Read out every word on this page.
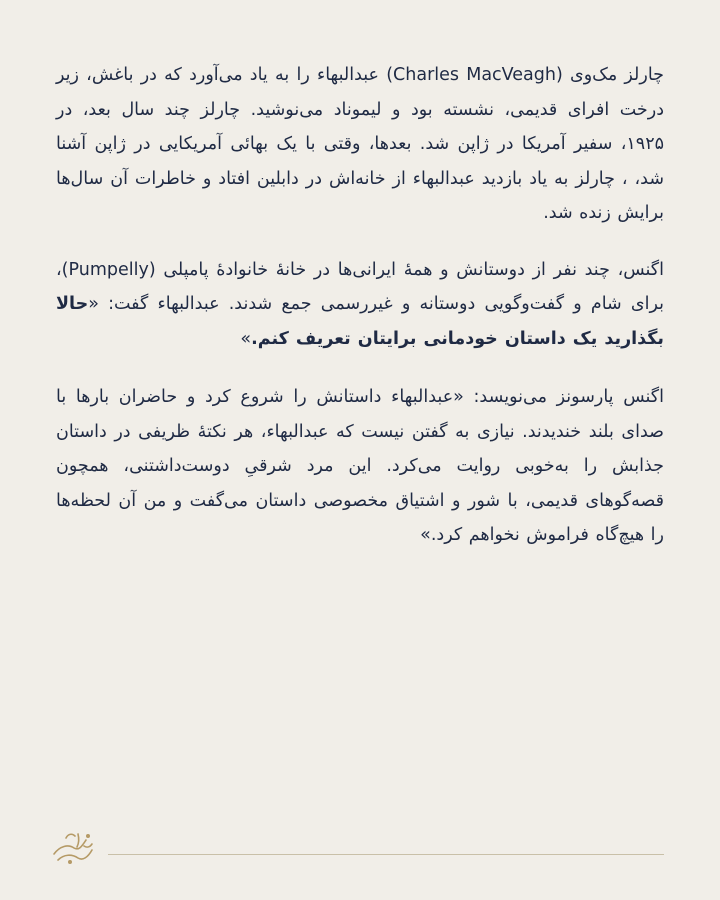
چارلز مک‌وی (Charles MacVeagh) عبدالبهاء را به یاد می‌آورد که در باغش، زیر درخت افرای قدیمی، نشسته بود و لیموناد می‌نوشید. چارلز چند سال بعد، در ۱۹۲۵، سفیر آمریکا در ژاپن شد. بعدها، وقتی با یک بهائی آمریکایی در ژاپن آشنا شد، ، چارلز به یاد بازدید عبدالبهاء از خانه‌اش در دابلین افتاد و خاطرات آن سال‌ها برایش زنده شد.

اگنس، چند نفر از دوستانش و همهٔ ایرانی‌ها در خانهٔ خانوادهٔ پامپلی (Pumpelly)، برای شام و گفت‌وگویی دوستانه و غیررسمی جمع شدند. عبدالبهاء گفت: «حالا بگذارید یک داستان خودمانی برایتان تعریف کنم.»

اگنس پارسونز می‌نویسد: «عبدالبهاء داستانش را شروع کرد و حاضران بارها با صدای بلند خندیدند. نیازی به گفتن نیست که عبدالبهاء، هر نکتهٔ ظریفی در داستان جذابش را به‌خوبی روایت می‌کرد. این مرد شرقیِ دوست‌داشتنی، همچون قصه‌گوهای قدیمی، با شور و اشتیاق مخصوصی داستان می‌گفت و من آن لحظه‌ها را هیچ‌گاه فراموش نخواهم کرد.»
